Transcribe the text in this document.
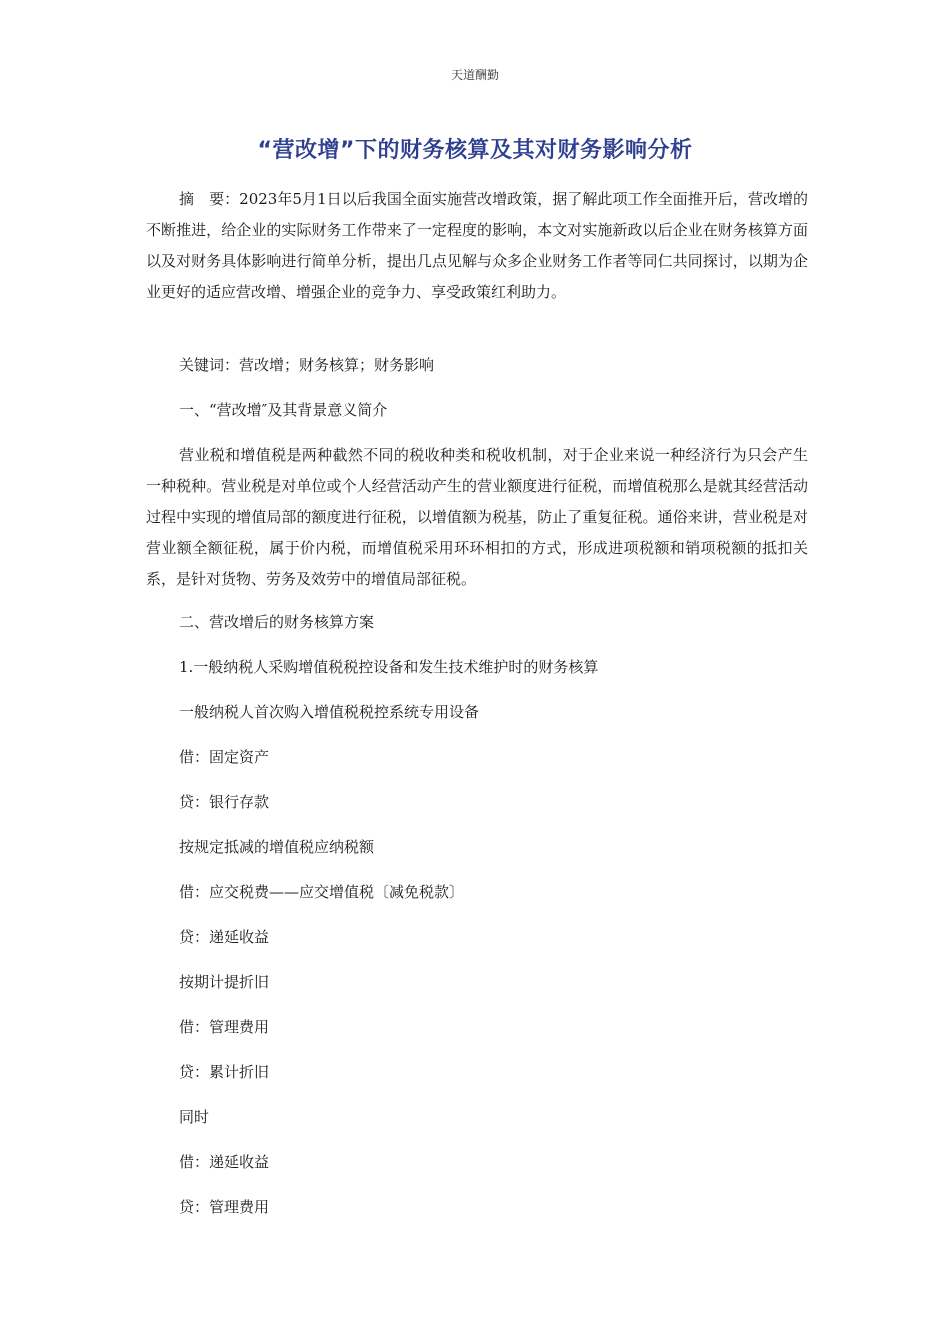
天道酬勤
“营改增”下的财务核算及其对财务影响分析

摘　要：2023年5月1日以后我国全面实施营改增政策，据了解此项工作全面推开后，营改增的不断推进，给企业的实际财务工作带来了一定程度的影响，本文对实施新政以后企业在财务核算方面以及对财务具体影响进行简单分析，提出几点见解与众多企业财务工作者等同仁共同探讨，以期为企业更好的适应营改增、增强企业的竞争力、享受政策红利助力。

关键词：营改增；财务核算；财务影响
一、“营改增″及其背景意义简介

营业税和增值税是两种截然不同的税收种类和税收机制，对于企业来说一种经济行为只会产生一种税种。营业税是对单位或个人经营活动产生的营业额度进行征税，而增值税那么是就其经营活动过程中实现的增值局部的额度进行征税，以增值额为税基，防止了重复征税。通俗来讲，营业税是对营业额全额征税，属于价内税，而增值税采用环环相扣的方式，形成进项税额和销项税额的抵扣关系，是针对货物、劳务及效劳中的增值局部征税。

二、营改增后的财务核算方案
1.一般纳税人采购增值税税控设备和发生技术维护时的财务核算
一般纳税人首次购入增值税税控系统专用设备
借：固定资产
贷：银行存款
按规定抵减的增值税应纳税额
借：应交税费——应交增值税〔减免税款〕
贷：递延收益
按期计提折旧
借：管理费用
贷：累计折旧
同时
借：递延收益
贷：管理费用
